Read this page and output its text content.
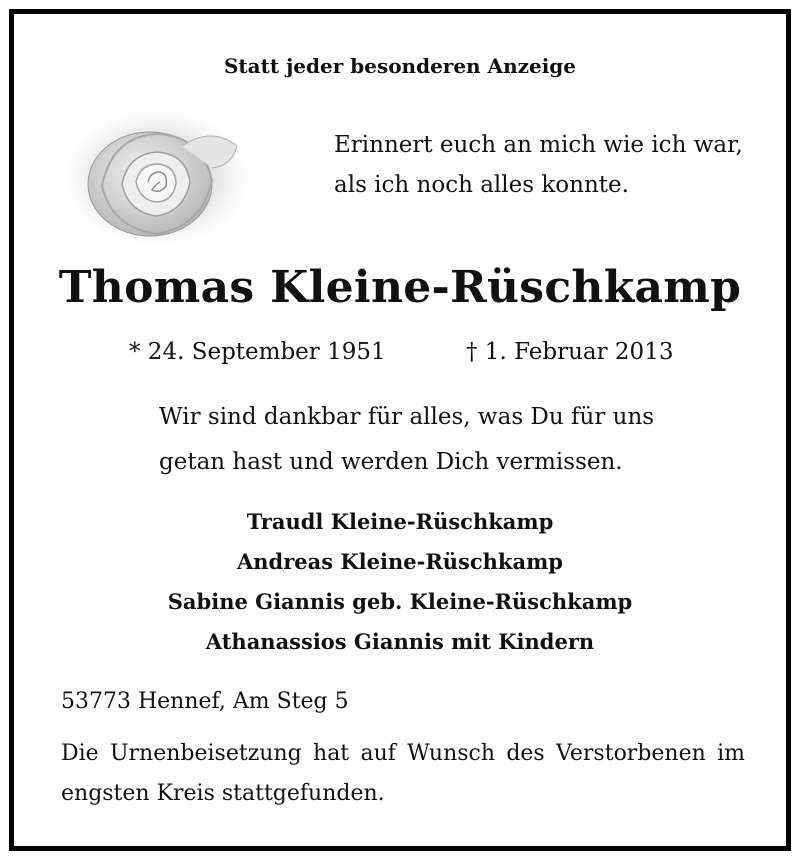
Statt jeder besonderen Anzeige

Erinnert euch an mich wie ich war,

als ich noch alles konnte.

Thomas Kleine-Rüschkamp

* 24. September 1951	† 1. Februar 2013

Wir sind dankbar für alles, was Du für uns

getan hast und werden Dich vermissen.

Traudl Kleine-Rüschkamp

Andreas Kleine-Rüschkamp

Sabine Giannis geb. Kleine-Rüschkamp

Athanassios Giannis mit Kindern

53773 Hennef, Am Steg 5

Die Urnenbeisetzung hat auf Wunsch des Verstorbenen im engsten Kreis stattgefunden.
